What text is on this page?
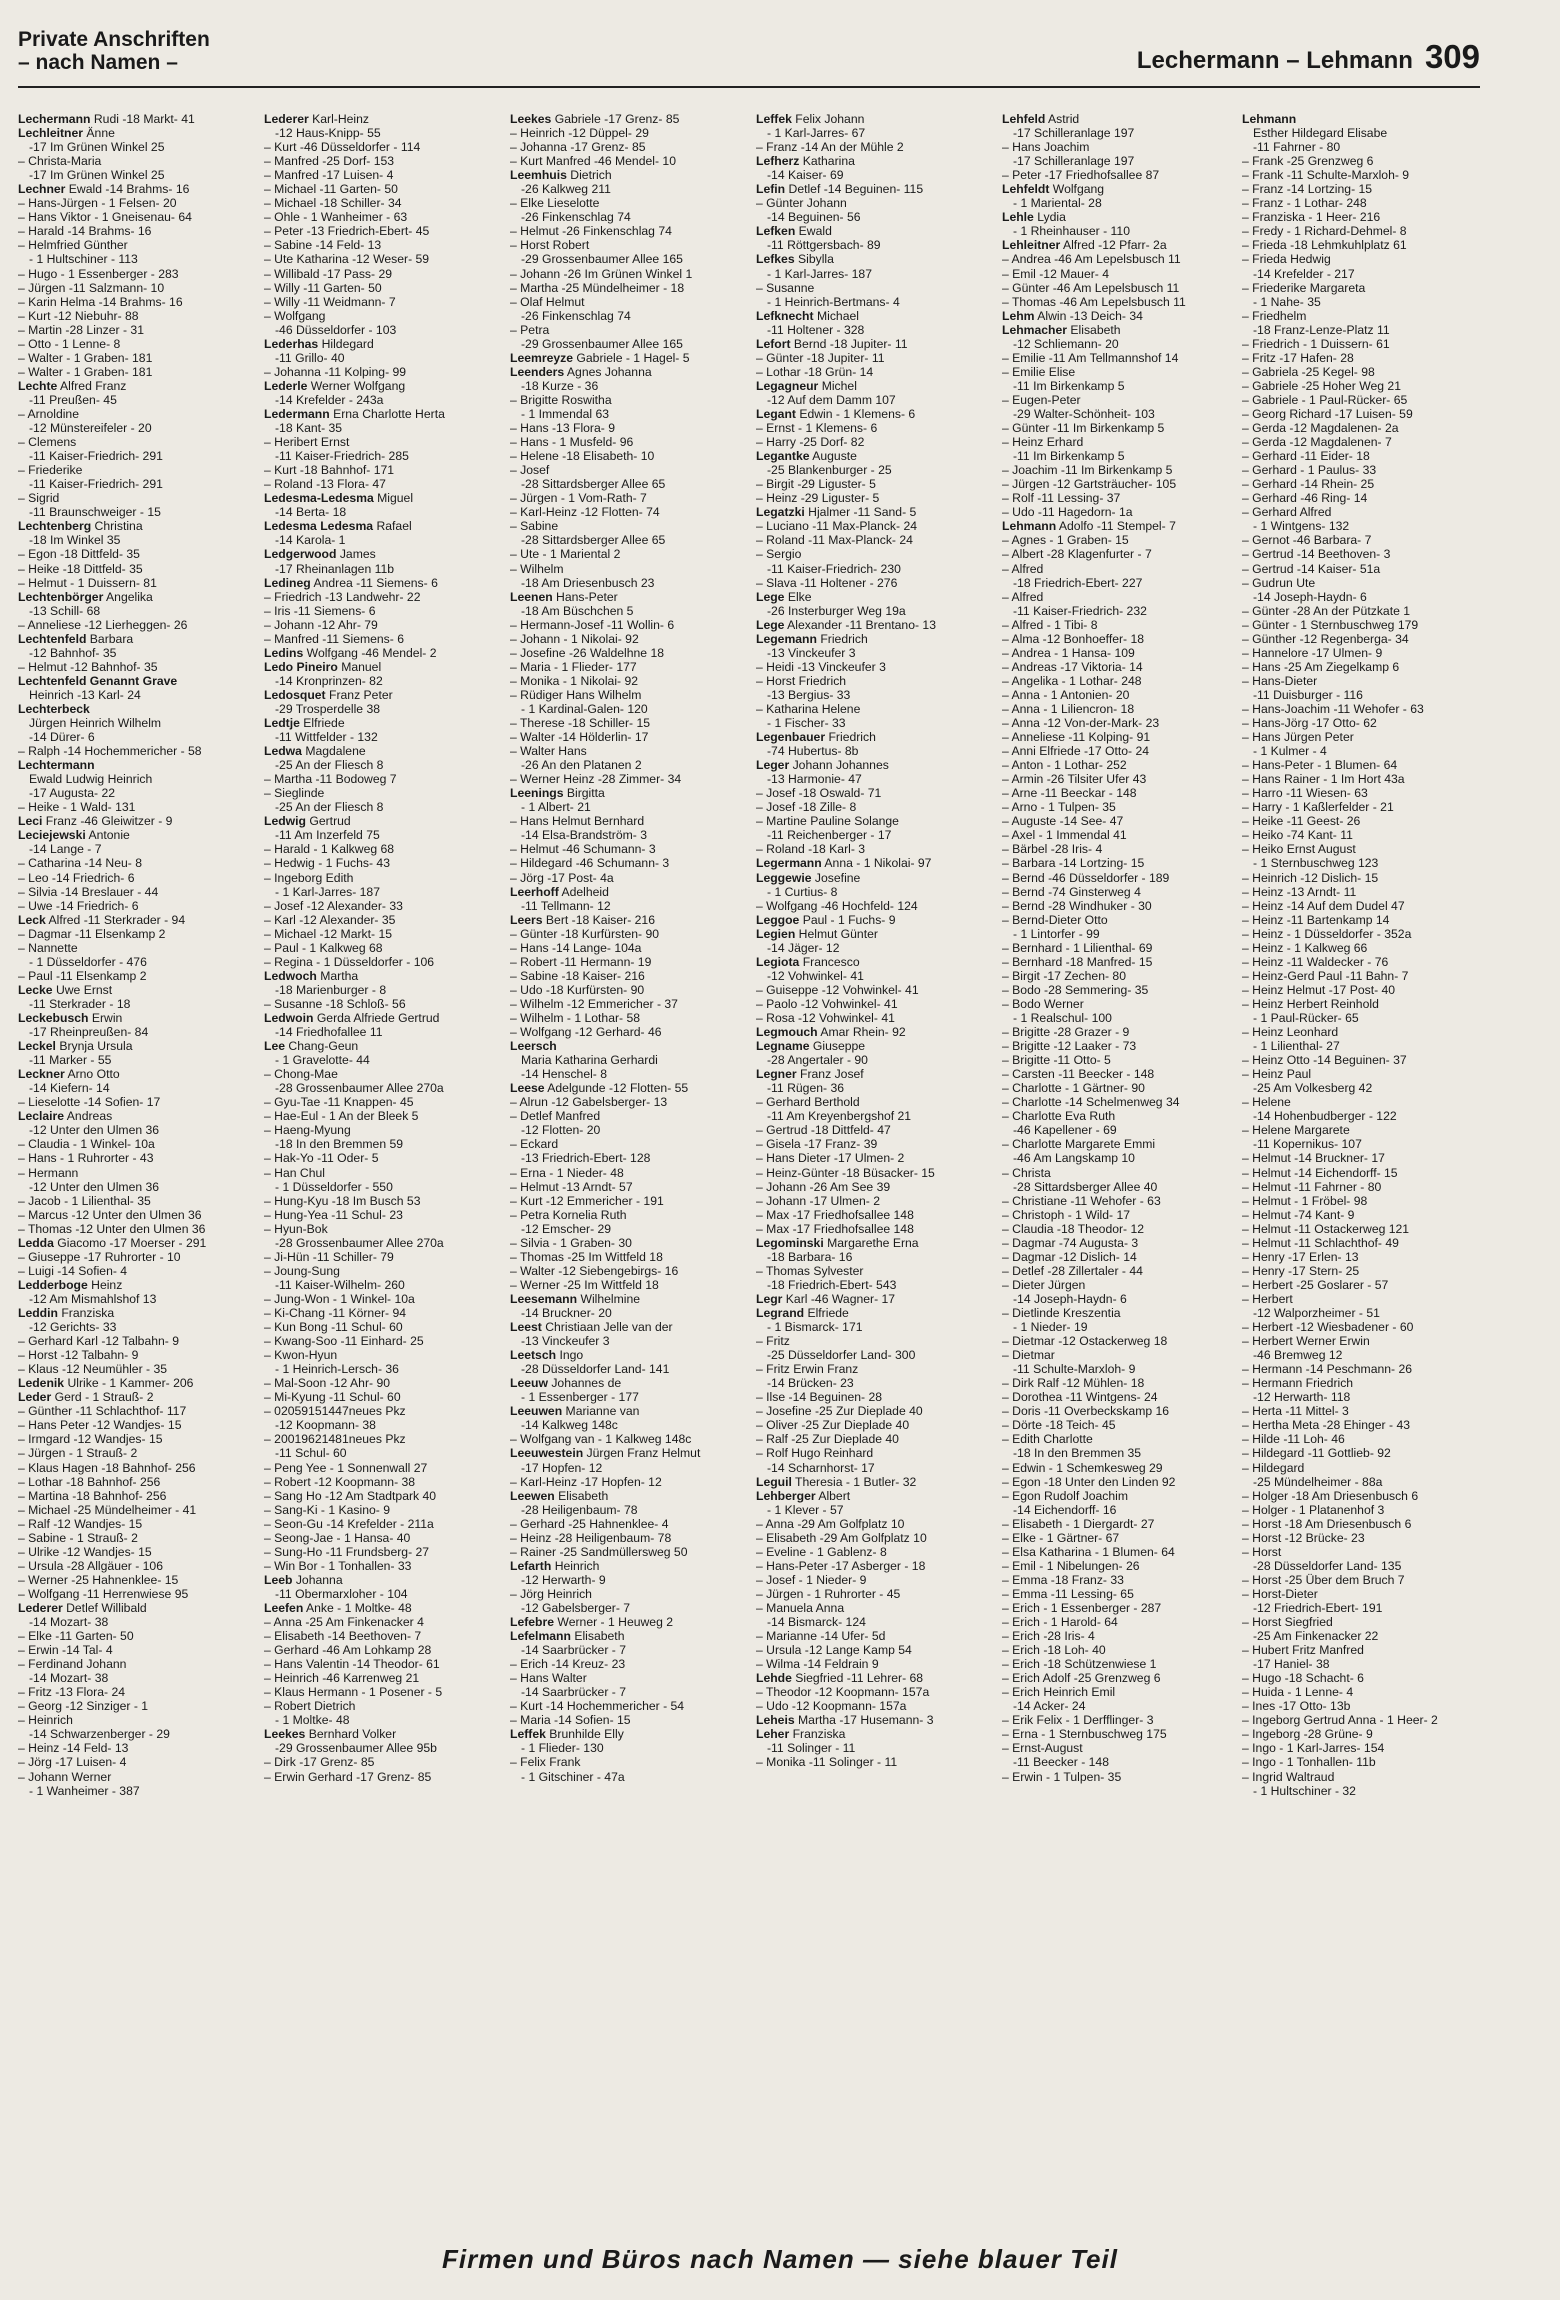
Private Anschriften
– nach Namen –	Lechermann – Lehmann 309
Lechermann Rudi -18 Markt- 41
Lechleitner Änne
-17 Im Grünen Winkel 25
– Christa-Maria
-17 Im Grünen Winkel 25
Lechner Ewald -14 Brahms- 16
– Hans-Jürgen - 1 Felsen- 20
– Hans Viktor - 1 Gneisenau- 64
– Harald -14 Brahms- 16
– Helmfried Günther
- 1 Hultschiner - 113
– Hugo - 1 Essenberger - 283
– Jürgen -11 Salzmann- 10
– Karin Helma -14 Brahms- 16
– Kurt -12 Niebuhr- 88
– Martin -28 Linzer - 31
– Otto - 1 Lenne- 8
– Walter - 1 Graben- 181
– Walter - 1 Graben- 181
Lechte Alfred Franz
-11 Preußen- 45
– Arnoldine
-12 Münstereifeler - 20
– Clemens
-11 Kaiser-Friedrich- 291
– Friederike
-11 Kaiser-Friedrich- 291
– Sigrid
-11 Braunschweiger - 15
Lechtenberg Christina
-18 Im Winkel 35
– Egon -18 Dittfeld- 35
– Heike -18 Dittfeld- 35
– Helmut - 1 Duissern- 81
Lechtenbörger Angelika
-13 Schill- 68
– Anneliese -12 Lierheggen- 26
Lechtenfeld Barbara
-12 Bahnhof- 35
– Helmut -12 Bahnhof- 35
Lechtenfeld Genannt Grave
Heinrich -13 Karl- 24
Lechterbeck
Jürgen Heinrich Wilhelm
-14 Dürer- 6
– Ralph -14 Hochemmericher - 58
Lechtermann
Ewald Ludwig Heinrich
-17 Augusta- 22
– Heike - 1 Wald- 131
Leci Franz -46 Gleiwitzer - 9
Leciejewski Antonie
-14 Lange - 7
– Catharina -14 Neu- 8
– Leo -14 Friedrich- 6
– Silvia -14 Breslauer - 44
– Uwe -14 Friedrich- 6
Leck Alfred -11 Sterkrader - 94
– Dagmar -11 Elsenkamp 2
– Nannette
- 1 Düsseldorfer - 476
– Paul -11 Elsenkamp 2
Lecke Uwe Ernst
-11 Sterkrader - 18
Leckebusch Erwin
-17 Rheinpreußen- 84
Leckel Brynja Ursula
-11 Marker - 55
Leckner Arno Otto
-14 Kiefern- 14
– Lieselotte -14 Sofien- 17
Leclaire Andreas
-12 Unter den Ulmen 36
– Claudia - 1 Winkel- 10a
– Hans - 1 Ruhrorter - 43
– Hermann
-12 Unter den Ulmen 36
– Jacob - 1 Lilienthal- 35
– Marcus -12 Unter den Ulmen 36
– Thomas -12 Unter den Ulmen 36
Ledda Giacomo -17 Moerser - 291
– Giuseppe -17 Ruhrorter - 10
– Luigi -14 Sofien- 4
Ledderboge Heinz
-12 Am Mismahlshof 13
Leddin Franziska
-12 Gerichts- 33
– Gerhard Karl -12 Talbahn- 9
– Horst -12 Talbahn- 9
– Klaus -12 Neumühler - 35
Ledenik Ulrike - 1 Kammer- 206
Leder Gerd - 1 Strauß- 2
– Günther -11 Schlachthof- 117
– Hans Peter -12 Wandjes- 15
– Irmgard -12 Wandjes- 15
– Jürgen - 1 Strauß- 2
– Klaus Hagen -18 Bahnhof- 256
– Lothar -18 Bahnhof- 256
– Martina -18 Bahnhof- 256
– Michael -25 Mündelheimer - 41
– Ralf -12 Wandjes- 15
– Sabine - 1 Strauß- 2
– Ulrike -12 Wandjes- 15
– Ursula -28 Allgäuer - 106
– Werner -25 Hahnenklee- 15
– Wolfgang -11 Herrenwiese 95
Lederer Detlef Willibald
-14 Mozart- 38
– Elke -11 Garten- 50
– Erwin -14 Tal- 4
– Ferdinand Johann
-14 Mozart- 38
– Fritz -13 Flora- 24
– Georg -12 Sinziger - 1
– Heinrich
-14 Schwarzenberger - 29
– Heinz -14 Feld- 13
– Jörg -17 Luisen- 4
– Johann Werner
- 1 Wanheimer - 387
Lederer Karl-Heinz
-12 Haus-Knipp- 55
– Kurt -46 Düsseldorfer - 114
– Manfred -25 Dorf- 153
– Manfred -17 Luisen- 4
– Michael -11 Garten- 50
– Michael -18 Schiller- 34
– Ohle - 1 Wanheimer - 63
– Peter -13 Friedrich-Ebert- 45
– Sabine -14 Feld- 13
– Ute Katharina -12 Weser- 59
– Willibald -17 Pass- 29
– Willy -11 Garten- 50
– Willy -11 Weidmann- 7
– Wolfgang
-46 Düsseldorfer - 103
Lederhas Hildegard
-11 Grillo- 40
– Johanna -11 Kolping- 99
Lederle Werner Wolfgang
-14 Krefelder - 243a
Ledermann Erna Charlotte Herta
-18 Kant- 35
– Heribert Ernst
-11 Kaiser-Friedrich- 285
– Kurt -18 Bahnhof- 171
– Roland -13 Flora- 47
Ledesma-Ledesma Miguel
-14 Berta- 18
Ledesma Ledesma Rafael
-14 Karola- 1
Ledgerwood James
-17 Rheinanlagen 11b
Ledineg Andrea -11 Siemens- 6
– Friedrich -13 Landwehr- 22
– Iris -11 Siemens- 6
– Johann -12 Ahr- 79
– Manfred -11 Siemens- 6
Ledins Wolfgang -46 Mendel- 2
Ledo Pineiro Manuel
-14 Kronprinzen- 82
Ledosquet Franz Peter
-29 Trosperdelle 38
Ledtje Elfriede
-11 Wittfelder - 132
Ledwa Magdalene
-25 An der Fliesch 8
– Martha -11 Bodoweg 7
– Sieglinde
-25 An der Fliesch 8
Ledwig Gertrud
-11 Am Inzerfeld 75
– Harald - 1 Kalkweg 68
– Hedwig - 1 Fuchs- 43
– Ingeborg Edith
- 1 Karl-Jarres- 187
– Josef -12 Alexander- 33
– Karl -12 Alexander- 35
– Michael -12 Markt- 15
– Paul - 1 Kalkweg 68
– Regina - 1 Düsseldorfer - 106
Ledwoch Martha
-18 Marienburger - 8
– Susanne -18 Schloß- 56
Ledwoin Gerda Alfriede Gertrud
-14 Friedhofallee 11
Lee Chang-Geun
- 1 Gravelotte- 44
– Chong-Mae
-28 Grossenbaumer Allee 270a
– Gyu-Tae -11 Knappen- 45
– Hae-Eul - 1 An der Bleek 5
– Haeng-Myung
-18 In den Bremmen 59
– Hak-Yo -11 Oder- 5
– Han Chul
- 1 Düsseldorfer - 550
– Hung-Kyu -18 Im Busch 53
– Hung-Yea -11 Schul- 23
– Hyun-Bok
-28 Grossenbaumer Allee 270a
– Ji-Hün -11 Schiller- 79
– Joung-Sung
-11 Kaiser-Wilhelm- 260
– Jung-Won - 1 Winkel- 10a
– Ki-Chang -11 Körner- 94
– Kun Bong -11 Schul- 60
– Kwang-Soo -11 Einhard- 25
– Kwon-Hyun
- 1 Heinrich-Lersch- 36
– Mal-Soon -12 Ahr- 90
– Mi-Kyung -11 Schul- 60
– 02059151447neues Pkz
-12 Koopmann- 38
– 20019621481neues Pkz
-11 Schul- 60
– Peng Yee - 1 Sonnenwall 27
– Robert -12 Koopmann- 38
– Sang Ho -12 Am Stadtpark 40
– Sang-Ki - 1 Kasino- 9
– Seon-Gu -14 Krefelder - 211a
– Seong-Jae - 1 Hansa- 40
– Sung-Ho -11 Frundsberg- 27
– Win Bor - 1 Tonhallen- 33
Leeb Johanna
-11 Obermarxloher - 104
Leefen Anke - 1 Moltke- 48
– Anna -25 Am Finkenacker 4
– Elisabeth -14 Beethoven- 7
– Gerhard -46 Am Lohkamp 28
– Hans Valentin -14 Theodor- 61
– Heinrich -46 Karrenweg 21
– Klaus Hermann - 1 Posener - 5
– Robert Dietrich
- 1 Moltke- 48
Leekes Bernhard Volker
-29 Grossenbaumer Allee 95b
– Dirk -17 Grenz- 85
– Erwin Gerhard -17 Grenz- 85
Leekes Gabriele -17 Grenz- 85
– Heinrich -12 Düppel- 29
– Johanna -17 Grenz- 85
– Kurt Manfred -46 Mendel- 10
Leemhuis Dietrich
-26 Kalkweg 211
– Elke Lieselotte
-26 Finkenschlag 74
– Helmut -26 Finkenschlag 74
– Horst Robert
-29 Grossenbaumer Allee 165
– Johann -26 Im Grünen Winkel 1
– Martha -25 Mündelheimer - 18
– Olaf Helmut
-26 Finkenschlag 74
– Petra
-29 Grossenbaumer Allee 165
Leemreyze Gabriele - 1 Hagel- 5
Leenders Agnes Johanna
-18 Kurze - 36
– Brigitte Roswitha
- 1 Immendal 63
– Hans -13 Flora- 9
– Hans - 1 Musfeld- 96
– Helene -18 Elisabeth- 10
– Josef
-28 Sittardsberger Allee 65
– Jürgen - 1 Vom-Rath- 7
– Karl-Heinz -12 Flotten- 74
– Sabine
-28 Sittardsberger Allee 65
– Ute - 1 Mariental 2
– Wilhelm
-18 Am Driesenbusch 23
Leenen Hans-Peter
-18 Am Büschchen 5
– Hermann-Josef -11 Wollin- 6
– Johann - 1 Nikolai- 92
– Josefine -26 Waldelhne 18
– Maria - 1 Flieder- 177
– Monika - 1 Nikolai- 92
– Rüdiger Hans Wilhelm
- 1 Kardinal-Galen- 120
– Therese -18 Schiller- 15
– Walter -14 Hölderlin- 17
– Walter Hans
-26 An den Platanen 2
– Werner Heinz -28 Zimmer- 34
Leenings Birgitta
- 1 Albert- 21
– Hans Helmut Bernhard
-14 Elsa-Brandström- 3
– Helmut -46 Schumann- 3
– Hildegard -46 Schumann- 3
– Jörg -17 Post- 4a
Leerhoff Adelheid
-11 Tellmann- 12
Leers Bert -18 Kaiser- 216
– Günter -18 Kurfürsten- 90
– Hans -14 Lange- 104a
– Robert -11 Hermann- 19
– Sabine -18 Kaiser- 216
– Udo -18 Kurfürsten- 90
– Wilhelm -12 Emmericher - 37
– Wilhelm - 1 Lothar- 58
– Wolfgang -12 Gerhard- 46
Leersch
Maria Katharina Gerhardi
-14 Henschel- 8
Leese Adelgunde -12 Flotten- 55
– Alrun -12 Gabelsberger- 13
– Detlef Manfred
-12 Flotten- 20
– Eckard
-13 Friedrich-Ebert- 128
– Erna - 1 Nieder- 48
– Helmut -13 Arndt- 57
– Kurt -12 Emmericher - 191
– Petra Kornelia Ruth
-12 Emscher- 29
– Silvia - 1 Graben- 30
– Thomas -25 Im Wittfeld 18
– Walter -12 Siebengebirgs- 16
– Werner -25 Im Wittfeld 18
Leesemann Wilhelmine
-14 Bruckner- 20
Leest Christiaan Jelle van der
-13 Vinckeufer 3
Leetsch Ingo
-28 Düsseldorfer Land- 141
Leeuw Johannes de
- 1 Essenberger - 177
Leeuwen Marianne van
-14 Kalkweg 148c
– Wolfgang van - 1 Kalkweg 148c
Leeuwestein Jürgen Franz Helmut
-17 Hopfen- 12
– Karl-Heinz -17 Hopfen- 12
Leewen Elisabeth
-28 Heiligenbaum- 78
– Gerhard -25 Hahnenklee- 4
– Heinz -28 Heiligenbaum- 78
– Rainer -25 Sandmüllersweg 50
Lefarth Heinrich
-12 Herwarth- 9
– Jörg Heinrich
-12 Gabelsberger- 7
Lefebre Werner - 1 Heuweg 2
Lefelmann Elisabeth
-14 Saarbrücker - 7
– Erich -14 Kreuz- 23
– Hans Walter
-14 Saarbrücker - 7
– Kurt -14 Hochemmericher - 54
– Maria -14 Sofien- 15
Leffek Brunhilde Elly
- 1 Flieder- 130
– Felix Frank
- 1 Gitschiner - 47a
Leffek Felix Johann
- 1 Karl-Jarres- 67
– Franz -14 An der Mühle 2
Lefherz Katharina
-14 Kaiser- 69
Lefin Detlef -14 Beguinen- 115
– Günter Johann
-14 Beguinen- 56
Lefken Ewald
-11 Röttgersbach- 89
Lefkes Sibylla
- 1 Karl-Jarres- 187
– Susanne
- 1 Heinrich-Bertmans- 4
Lefknecht Michael
-11 Holtener - 328
Lefort Bernd -18 Jupiter- 11
– Günter -18 Jupiter- 11
– Lothar -18 Grün- 14
Legagneur Michel
-12 Auf dem Damm 107
Legant Edwin - 1 Klemens- 6
– Ernst - 1 Klemens- 6
– Harry -25 Dorf- 82
Legantke Auguste
-25 Blankenburger - 25
– Birgit -29 Liguster- 5
– Heinz -29 Liguster- 5
Legatzki Hjalmer -11 Sand- 5
– Luciano -11 Max-Planck- 24
– Roland -11 Max-Planck- 24
– Sergio
-11 Kaiser-Friedrich- 230
– Slava -11 Holtener - 276
Lege Elke
-26 Insterburger Weg 19a
Lege Alexander -11 Brentano- 13
Legemann Friedrich
-13 Vinckeufer 3
– Heidi -13 Vinckeufer 3
– Horst Friedrich
-13 Bergius- 33
– Katharina Helene
- 1 Fischer- 33
Legenbauer Friedrich
-74 Hubertus- 8b
Leger Johann Johannes
-13 Harmonie- 47
– Josef -18 Oswald- 71
– Josef -18 Zille- 8
– Martine Pauline Solange
-11 Reichenberger - 17
– Roland -18 Karl- 3
Legermann Anna - 1 Nikolai- 97
Leggewie Josefine
- 1 Curtius- 8
– Wolfgang -46 Hochfeld- 124
Leggoe Paul - 1 Fuchs- 9
Legien Helmut Günter
-14 Jäger- 12
Legiota Francesco
-12 Vohwinkel- 41
– Guiseppe -12 Vohwinkel- 41
– Paolo -12 Vohwinkel- 41
– Rosa -12 Vohwinkel- 41
Legmouch Amar Rhein- 92
Legname Giuseppe
-28 Angertaler - 90
Legner Franz Josef
-11 Rügen- 36
– Gerhard Berthold
-11 Am Kreyenbergshof 21
– Gertrud -18 Dittfeld- 47
– Gisela -17 Franz- 39
– Hans Dieter -17 Ulmen- 2
– Heinz-Günter -18 Büsacker- 15
– Johann -26 Am See 39
– Johann -17 Ulmen- 2
– Max -17 Friedhofsallee 148
– Max -17 Friedhofsallee 148
Legominski Margarethe Erna
-18 Barbara- 16
– Thomas Sylvester
-18 Friedrich-Ebert- 543
Legr Karl -46 Wagner- 17
Legrand Elfriede
- 1 Bismarck- 171
– Fritz
-25 Düsseldorfer Land- 300
– Fritz Erwin Franz
-14 Brücken- 23
– Ilse -14 Beguinen- 28
– Josefine -25 Zur Dieplade 40
– Oliver -25 Zur Dieplade 40
– Ralf -25 Zur Dieplade 40
– Rolf Hugo Reinhard
-14 Scharnhorst- 17
Leguil Theresia - 1 Butler- 32
Lehberger Albert
- 1 Klever - 57
– Anna -29 Am Golfplatz 10
– Elisabeth -29 Am Golfplatz 10
– Eveline - 1 Gablenz- 8
– Hans-Peter -17 Asberger - 18
– Josef - 1 Nieder- 9
– Jürgen - 1 Ruhrorter - 45
– Manuela Anna
-14 Bismarck- 124
– Marianne -14 Ufer- 5d
– Ursula -12 Lange Kamp 54
– Wilma -14 Feldrain 9
Lehde Siegfried -11 Lehrer- 68
– Theodor -12 Koopmann- 157a
– Udo -12 Koopmann- 157a
Leheis Martha -17 Husemann- 3
Leher Franziska
-11 Solinger - 11
– Monika -11 Solinger - 11
Lehfeld Astrid
-17 Schilleranlage 197
– Hans Joachim
-17 Schilleranlage 197
– Peter -17 Friedhofsallee 87
Lehfeldt Wolfgang
- 1 Mariental- 28
Lehle Lydia
- 1 Rheinhauser - 110
Lehleitner Alfred -12 Pfarr- 2a
– Andrea -46 Am Lepelsbusch 11
– Emil -12 Mauer- 4
– Günter -46 Am Lepelsbusch 11
– Thomas -46 Am Lepelsbusch 11
Lehm Alwin -13 Deich- 34
Lehmacher Elisabeth
-12 Schliemann- 20
– Emilie -11 Am Tellmannshof 14
– Emilie Elise
-11 Im Birkenkamp 5
– Eugen-Peter
-29 Walter-Schönheit- 103
– Günter -11 Im Birkenkamp 5
– Heinz Erhard
-11 Im Birkenkamp 5
– Joachim -11 Im Birkenkamp 5
– Jürgen -12 Gartsträucher- 105
– Rolf -11 Lessing- 37
– Udo -11 Hagedorn- 1a
Lehmann Adolfo -11 Stempel- 7
– Agnes - 1 Graben- 15
– Albert -28 Klagenfurter - 7
– Alfred
-18 Friedrich-Ebert- 227
– Alfred
-11 Kaiser-Friedrich- 232
– Alfred - 1 Tibi- 8
– Alma -12 Bonhoeffer- 18
– Andrea - 1 Hansa- 109
– Andreas -17 Viktoria- 14
– Angelika - 1 Lothar- 248
– Anna - 1 Antonien- 20
– Anna - 1 Liliencron- 18
– Anna -12 Von-der-Mark- 23
– Anneliese -11 Kolping- 91
– Anni Elfriede -17 Otto- 24
– Anton - 1 Lothar- 252
– Armin -26 Tilsiter Ufer 43
– Arne -11 Beeckar - 148
– Arno - 1 Tulpen- 35
– Auguste -14 See- 47
– Axel - 1 Immendal 41
– Bärbel -28 Iris- 4
– Barbara -14 Lortzing- 15
– Bernd -46 Düsseldorfer - 189
– Bernd -74 Ginsterweg 4
– Bernd -28 Windhuker - 30
– Bernd-Dieter Otto
- 1 Lintorfer - 99
– Bernhard - 1 Lilienthal- 69
– Bernhard -18 Manfred- 15
– Birgit -17 Zechen- 80
– Bodo -28 Semmering- 35
– Bodo Werner
- 1 Realschul- 100
– Brigitte -28 Grazer - 9
– Brigitte -12 Laaker - 73
– Brigitte -11 Otto- 5
– Carsten -11 Beecker - 148
– Charlotte - 1 Gärtner- 90
– Charlotte -14 Schelmenweg 34
– Charlotte Eva Ruth
-46 Kapellener - 69
– Charlotte Margarete Emmi
-46 Am Langskamp 10
– Christa
-28 Sittardsberger Allee 40
– Christiane -11 Wehofer - 63
– Christoph - 1 Wild- 17
– Claudia -18 Theodor- 12
– Dagmar -74 Augusta- 3
– Dagmar -12 Dislich- 14
– Detlef -28 Zillertaler - 44
– Dieter Jürgen
-14 Joseph-Haydn- 6
– Dietlinde Kreszentia
- 1 Nieder- 19
– Dietmar -12 Ostackerweg 18
– Dietmar
-11 Schulte-Marxloh- 9
– Dirk Ralf -12 Mühlen- 18
– Dorothea -11 Wintgens- 24
– Doris -11 Overbeckskamp 16
– Dörte -18 Teich- 45
– Edith Charlotte
-18 In den Bremmen 35
– Edwin - 1 Schemkesweg 29
– Egon -18 Unter den Linden 92
– Egon Rudolf Joachim
-14 Eichendorff- 16
– Elisabeth - 1 Diergardt- 27
– Elke - 1 Gärtner- 67
– Elsa Katharina - 1 Blumen- 64
– Emil - 1 Nibelungen- 26
– Emma -18 Franz- 33
– Emma -11 Lessing- 65
– Erich - 1 Essenberger - 287
– Erich - 1 Harold- 64
– Erich -28 Iris- 4
– Erich -18 Loh- 40
– Erich -18 Schützenwiese 1
– Erich Adolf -25 Grenzweg 6
– Erich Heinrich Emil
-14 Acker- 24
– Erik Felix - 1 Derfflinger- 3
– Erna - 1 Sternbuschweg 175
– Ernst-August
-11 Beecker - 148
– Erwin - 1 Tulpen- 35
Lehmann
Esther Hildegard Elisabe
-11 Fahrner - 80
– Frank -25 Grenzweg 6
– Frank -11 Schulte-Marxloh- 9
– Franz -14 Lortzing- 15
– Franz - 1 Lothar- 248
– Franziska - 1 Heer- 216
– Fredy - 1 Richard-Dehmel- 8
– Frieda -18 Lehmkuhlplatz 61
– Frieda Hedwig
-14 Krefelder - 217
– Friederike Margareta
- 1 Nahe- 35
– Friedhelm
-18 Franz-Lenze-Platz 11
– Friedrich - 1 Duissern- 61
– Fritz -17 Hafen- 28
– Gabriela -25 Kegel- 98
– Gabriele -25 Hoher Weg 21
– Gabriele - 1 Paul-Rücker- 65
– Georg Richard -17 Luisen- 59
– Gerda -12 Magdalenen- 2a
– Gerda -12 Magdalenen- 7
– Gerhard -11 Eider- 18
– Gerhard - 1 Paulus- 33
– Gerhard -14 Rhein- 25
– Gerhard -46 Ring- 14
– Gerhard Alfred
- 1 Wintgens- 132
– Gernot -46 Barbara- 7
– Gertrud -14 Beethoven- 3
– Gertrud -14 Kaiser- 51a
– Gudrun Ute
-14 Joseph-Haydn- 6
– Günter -28 An der Pützkate 1
– Günter - 1 Sternbuschweg 179
– Günther -12 Regenberga- 34
– Hannelore -17 Ulmen- 9
– Hans -25 Am Ziegelkamp 6
– Hans-Dieter
-11 Duisburger - 116
– Hans-Joachim -11 Wehofer - 63
– Hans-Jörg -17 Otto- 62
– Hans Jürgen Peter
- 1 Kulmer - 4
– Hans-Peter - 1 Blumen- 64
– Hans Rainer - 1 Im Hort 43a
– Harro -11 Wiesen- 63
– Harry - 1 Kaßlerfelder - 21
– Heike -11 Geest- 26
– Heiko -74 Kant- 11
– Heiko Ernst August
- 1 Sternbuschweg 123
– Heinrich -12 Dislich- 15
– Heinz -13 Arndt- 11
– Heinz -14 Auf dem Dudel 47
– Heinz -11 Bartenkamp 14
– Heinz - 1 Düsseldorfer - 352a
– Heinz - 1 Kalkweg 66
– Heinz -11 Waldecker - 76
– Heinz-Gerd Paul -11 Bahn- 7
– Heinz Helmut -17 Post- 40
– Heinz Herbert Reinhold
- 1 Paul-Rücker- 65
– Heinz Leonhard
- 1 Lilienthal- 27
– Heinz Otto -14 Beguinen- 37
– Heinz Paul
-25 Am Volkesberg 42
– Helene
-14 Hohenbudberger - 122
– Helene Margarete
-11 Kopernikus- 107
– Helmut -14 Bruckner- 17
– Helmut -14 Eichendorff- 15
– Helmut -11 Fahrner - 80
– Helmut - 1 Fröbel- 98
– Helmut -74 Kant- 9
– Helmut -11 Ostackerweg 121
– Helmut -11 Schlachthof- 49
– Henry -17 Erlen- 13
– Henry -17 Stern- 25
– Herbert -25 Goslarer - 57
– Herbert
-12 Walporzheimer - 51
– Herbert -12 Wiesbadener - 60
– Herbert Werner Erwin
-46 Bremweg 12
– Hermann -14 Peschmann- 26
– Hermann Friedrich
-12 Herwarth- 118
– Herta -11 Mittel- 3
– Hertha Meta -28 Ehinger - 43
– Hilde -11 Loh- 46
– Hildegard -11 Gottlieb- 92
– Hildegard
-25 Mündelheimer - 88a
– Holger -18 Am Driesenbusch 6
– Holger - 1 Platanenhof 3
– Horst -18 Am Driesenbusch 6
– Horst -12 Brücke- 23
– Horst
-28 Düsseldorfer Land- 135
– Horst -25 Über dem Bruch 7
– Horst-Dieter
-12 Friedrich-Ebert- 191
– Horst Siegfried
-25 Am Finkenacker 22
– Hubert Fritz Manfred
-17 Haniel- 38
– Hugo -18 Schacht- 6
– Huida - 1 Lenne- 4
– Ines -17 Otto- 13b
– Ingeborg Gertrud Anna - 1 Heer- 2
– Ingeborg -28 Grüne- 9
– Ingo - 1 Karl-Jarres- 154
– Ingo - 1 Tonhallen- 11b
– Ingrid Waltraud
- 1 Hultschiner - 32
Firmen und Büros nach Namen — siehe blauer Teil
